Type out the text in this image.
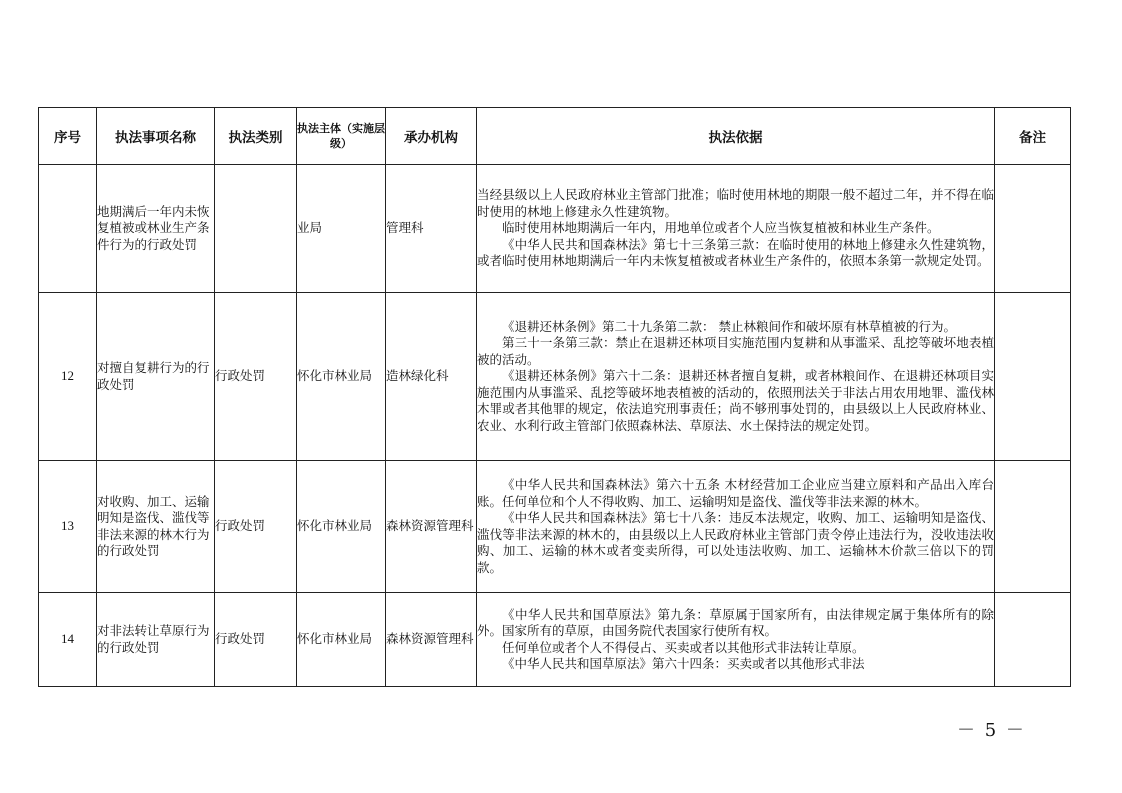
序号	执法事项名称	执法类别	执法主体（实施层级）	承办机构	执法依据	备注
	地期满后一年内未恢复植被或林业生产条件行为的行政处罚		业局	管理科	当经县级以上人民政府林业主管部门批准；临时使用林地的期限一般不超过二年，并不得在临时使用的林地上修建永久性建筑物。

临时使用林地期满后一年内，用地单位或者个人应当恢复植被和林业生产条件。

《中华人民共和国森林法》第七十三条第三款：在临时使用的林地上修建永久性建筑物，或者临时使用林地期满后一年内未恢复植被或者林业生产条件的，依照本条第一款规定处罚。	

12	对擅自复耕行为的行政处罚	行政处罚	怀化市林业局	造林绿化科	《退耕还林条例》第二十九条第二款： 禁止林粮间作和破坏原有林草植被的行为。

第三十一条第三款：禁止在退耕还林项目实施范围内复耕和从事滥采、乱挖等破坏地表植被的活动。

《退耕还林条例》第六十二条：退耕还林者擅自复耕，或者林粮间作、在退耕还林项目实施范围内从事滥采、乱挖等破坏地表植被的活动的，依照刑法关于非法占用农用地罪、滥伐林木罪或者其他罪的规定，依法追究刑事责任；尚不够刑事处罚的，由县级以上人民政府林业、农业、水利行政主管部门依照森林法、草原法、水土保持法的规定处罚。	

13	对收购、加工、运输明知是盗伐、滥伐等非法来源的林木行为的行政处罚	行政处罚	怀化市林业局	森林资源管理科	《中华人民共和国森林法》第六十五条 木材经营加工企业应当建立原料和产品出入库台账。任何单位和个人不得收购、加工、运输明知是盗伐、滥伐等非法来源的林木。

《中华人民共和国森林法》第七十八条：违反本法规定，收购、加工、运输明知是盗伐、滥伐等非法来源的林木的，由县级以上人民政府林业主管部门责令停止违法行为，没收违法收购、加工、运输的林木或者变卖所得，可以处违法收购、加工、运输林木价款三倍以下的罚款。	

14	对非法转让草原行为的行政处罚	行政处罚	怀化市林业局	森林资源管理科	《中华人民共和国草原法》第九条：草原属于国家所有，由法律规定属于集体所有的除外。国家所有的草原，由国务院代表国家行使所有权。

任何单位或者个人不得侵占、买卖或者以其他形式非法转让草原。

《中华人民共和国草原法》第六十四条：买卖或者以其他形式非法	

－ 5 －
